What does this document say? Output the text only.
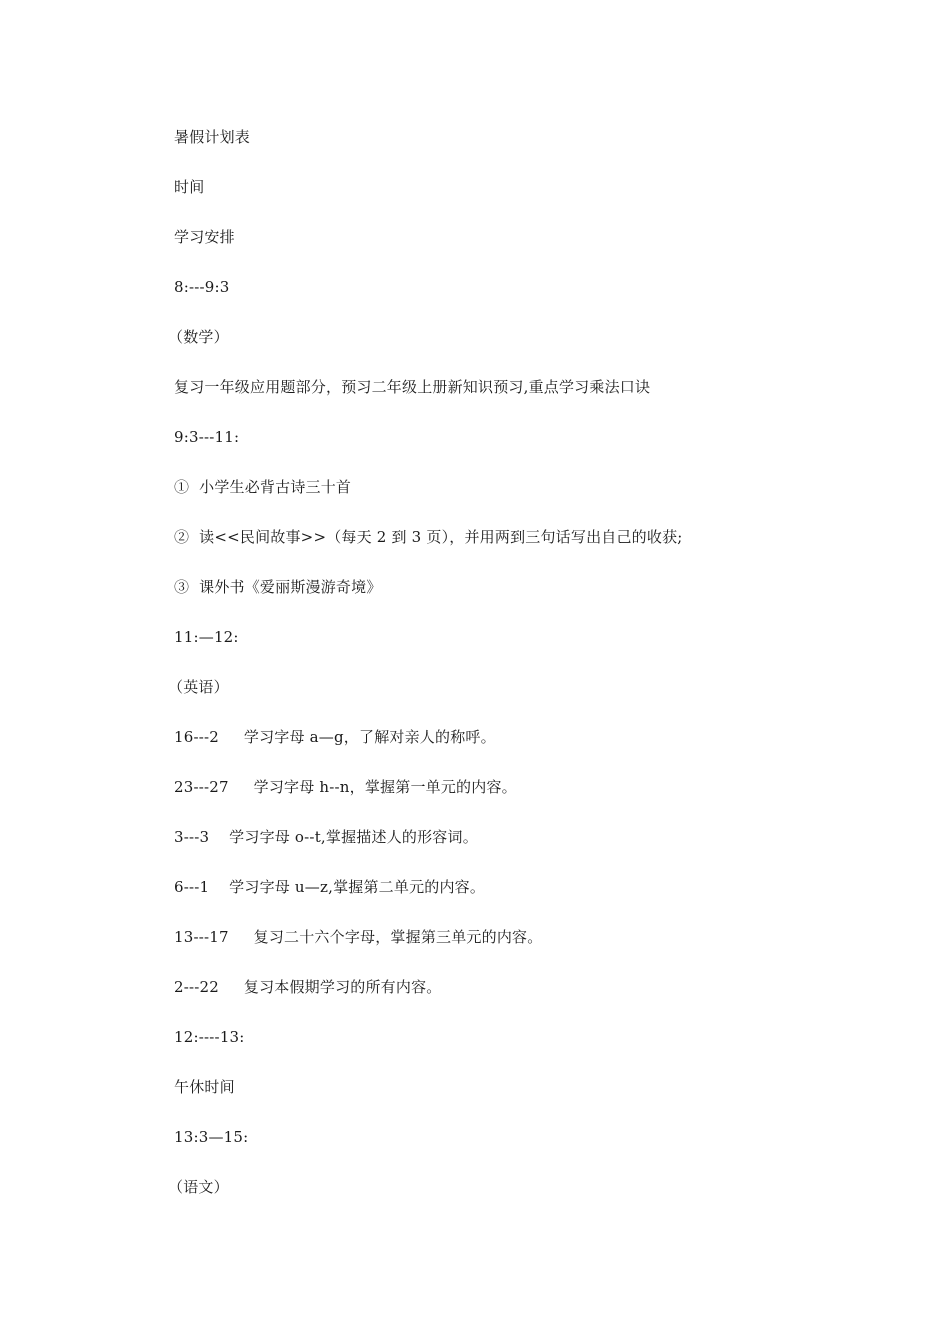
暑假计划表
时间
学习安排
8:---9:3
（数学）
复习一年级应用题部分，预习二年级上册新知识预习,重点学习乘法口诀
9:3---11:
①  小学生必背古诗三十首
②  读<<民间故事>>（每天 2 到 3 页），并用两到三句话写出自己的收获;
③  课外书《爱丽斯漫游奇境》
11:—12:
（英语）
16---2     学习字母 a—g，了解对亲人的称呼。
23---27     学习字母 h--n，掌握第一单元的内容。
3---3    学习字母 o--t,掌握描述人的形容词。
6---1    学习字母 u—z,掌握第二单元的内容。
13---17     复习二十六个字母，掌握第三单元的内容。
2---22     复习本假期学习的所有内容。
12:----13:
午休时间
13:3—15:
（语文）
